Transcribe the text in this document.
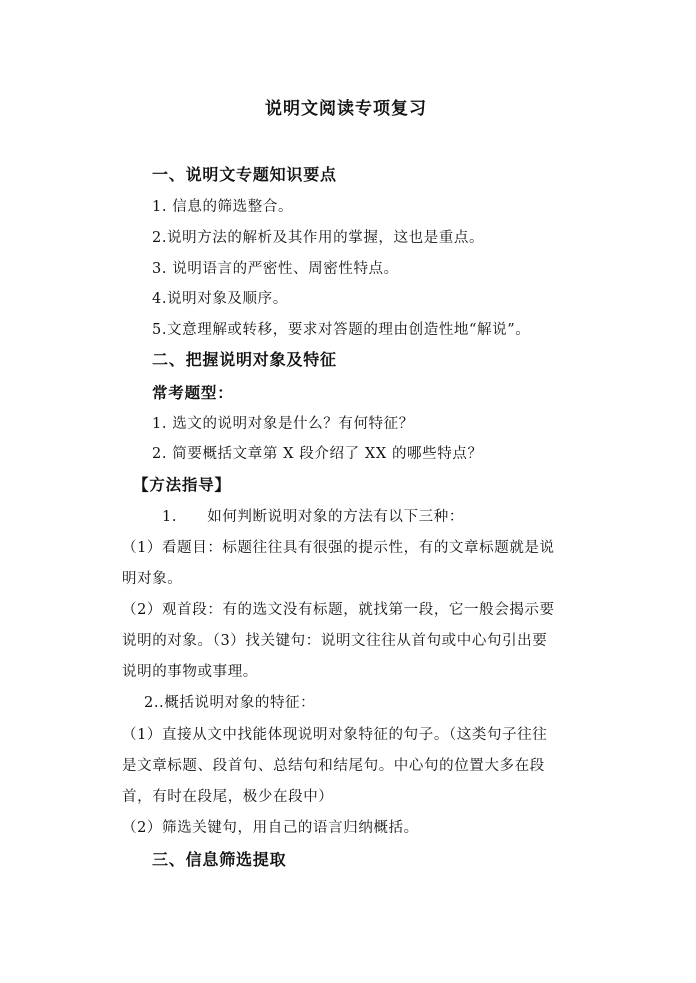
说明文阅读专项复习
一、说明文专题知识要点
1. 信息的筛选整合。
2.说明方法的解析及其作用的掌握，这也是重点。
3. 说明语言的严密性、周密性特点。
4.说明对象及顺序。
5.文意理解或转移，要求对答题的理由创造性地“解说”。
二、把握说明对象及特征
常考题型：
1. 选文的说明对象是什么？有何特征？
2. 简要概括文章第 X 段介绍了 XX 的哪些特点？
【方法指导】
1.　　如何判断说明对象的方法有以下三种：
（1）看题目：标题往往具有很强的提示性，有的文章标题就是说
明对象。
（2）观首段：有的选文没有标题，就找第一段，它一般会揭示要
说明的对象。（3）找关键句：说明文往往从首句或中心句引出要
说明的事物或事理。
2..概括说明对象的特征：
（1）直接从文中找能体现说明对象特征的句子。（这类句子往往
是文章标题、段首句、总结句和结尾句。中心句的位置大多在段
首，有时在段尾，极少在段中）
（2）筛选关键句，用自己的语言归纳概括。
三、信息筛选提取
